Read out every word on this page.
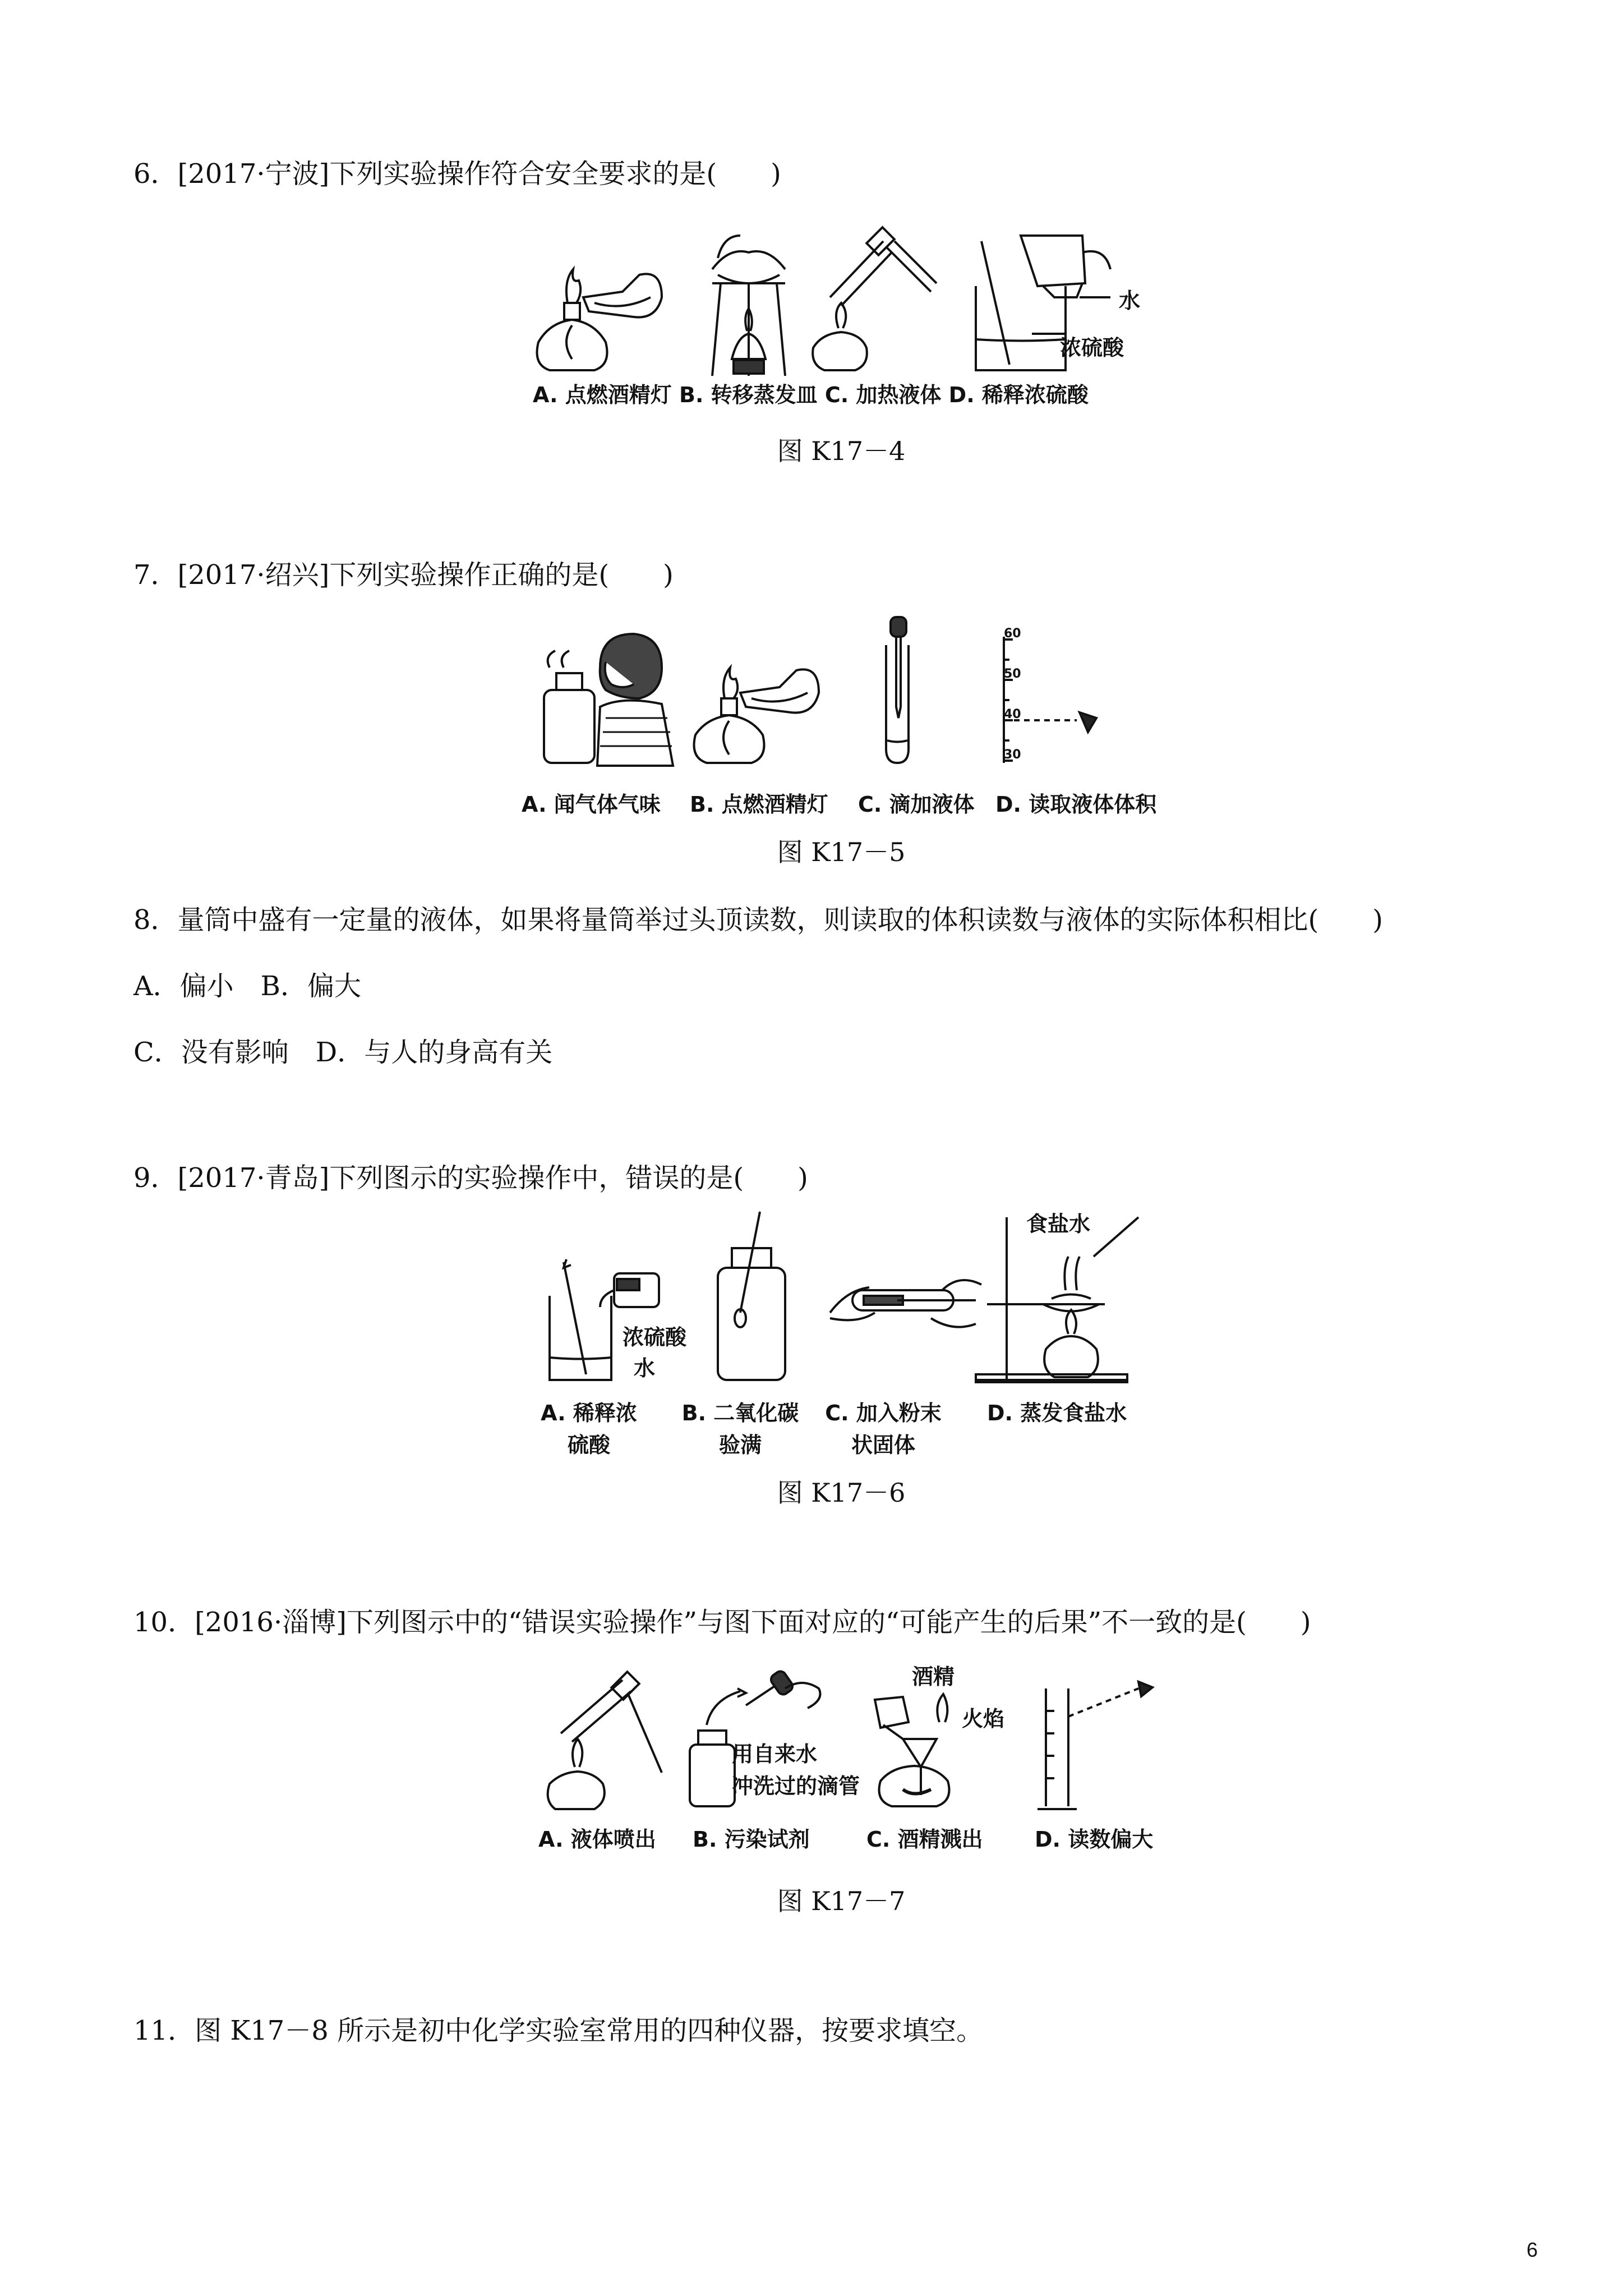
6．[2017·宁波]下列实验操作符合安全要求的是(　　)
水
浓硫酸
A. 点燃酒精灯 B. 转移蒸发皿 C. 加热液体 D. 稀释浓硫酸
图 K17－4
7．[2017·绍兴]下列实验操作正确的是(　　)
60
50
40
30
A. 闻气体气味 B. 点燃酒精灯 C. 滴加液体 D. 读取液体体积
图 K17－5
8．量筒中盛有一定量的液体，如果将量筒举过头顶读数，则读取的体积读数与液体的实际体积相比(　　)
A．偏小　B．偏大
C．没有影响　D．与人的身高有关
9．[2017·青岛]下列图示的实验操作中，错误的是(　　)
食盐水
浓硫酸
水
A. 稀释浓
硫酸
B. 二氧化碳
验满
C. 加入粉末
状固体
D. 蒸发食盐水
图 K17－6
10．[2016·淄博]下列图示中的“错误实验操作”与图下面对应的“可能产生的后果”不一致的是(　　)
酒精
火焰
用自来水
冲洗过的滴管
A. 液体喷出 B. 污染试剂	C. 酒精溅出 D. 读数偏大
图 K17－7
11．图 K17－8 所示是初中化学实验室常用的四种仪器，按要求填空。
6
